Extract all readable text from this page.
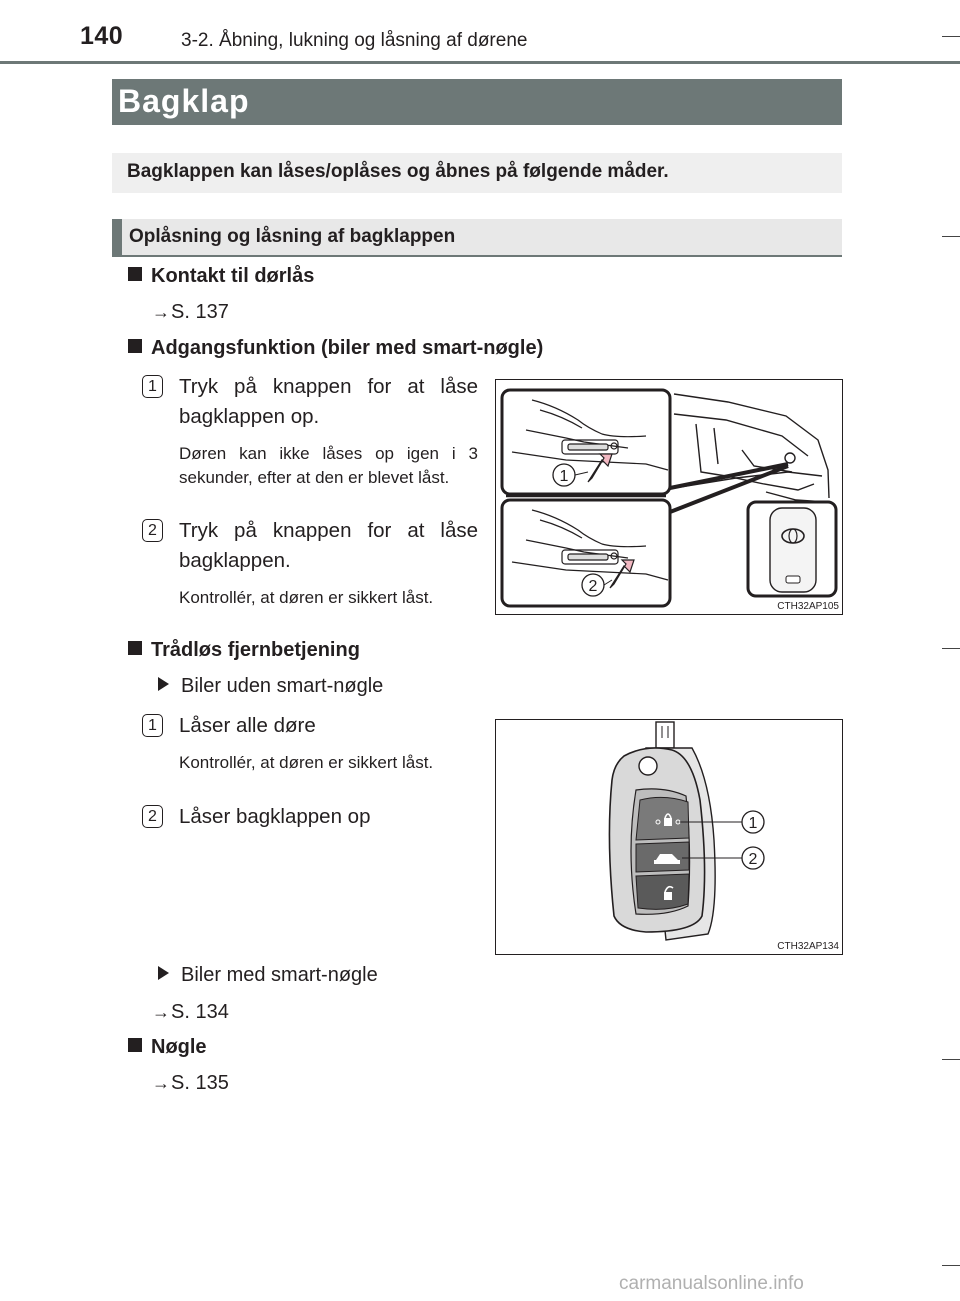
140	3-2. Åbning, lukning og låsning af dørene
Bagklap
Bagklappen kan låses/oplåses og åbnes på følgende måder.
Oplåsning og låsning af bagklappen
Kontakt til dørlås
→S. 137
Adgangsfunktion (biler med smart-nøgle)
1 Tryk på knappen for at låse bagklappen op.
Døren kan ikke låses op igen i 3 sekunder, efter at den er blevet låst.
2 Tryk på knappen for at låse bagklappen.
Kontrollér, at døren er sikkert låst.
1
2
CTH32AP105
Trådløs fjernbetjening
Biler uden smart-nøgle
1 Låser alle døre
Kontrollér, at døren er sikkert låst.
2 Låser bagklappen op	1
2
CTH32AP134
Biler med smart-nøgle
→S. 134
Nøgle
→S. 135
carmanualsonline.info
